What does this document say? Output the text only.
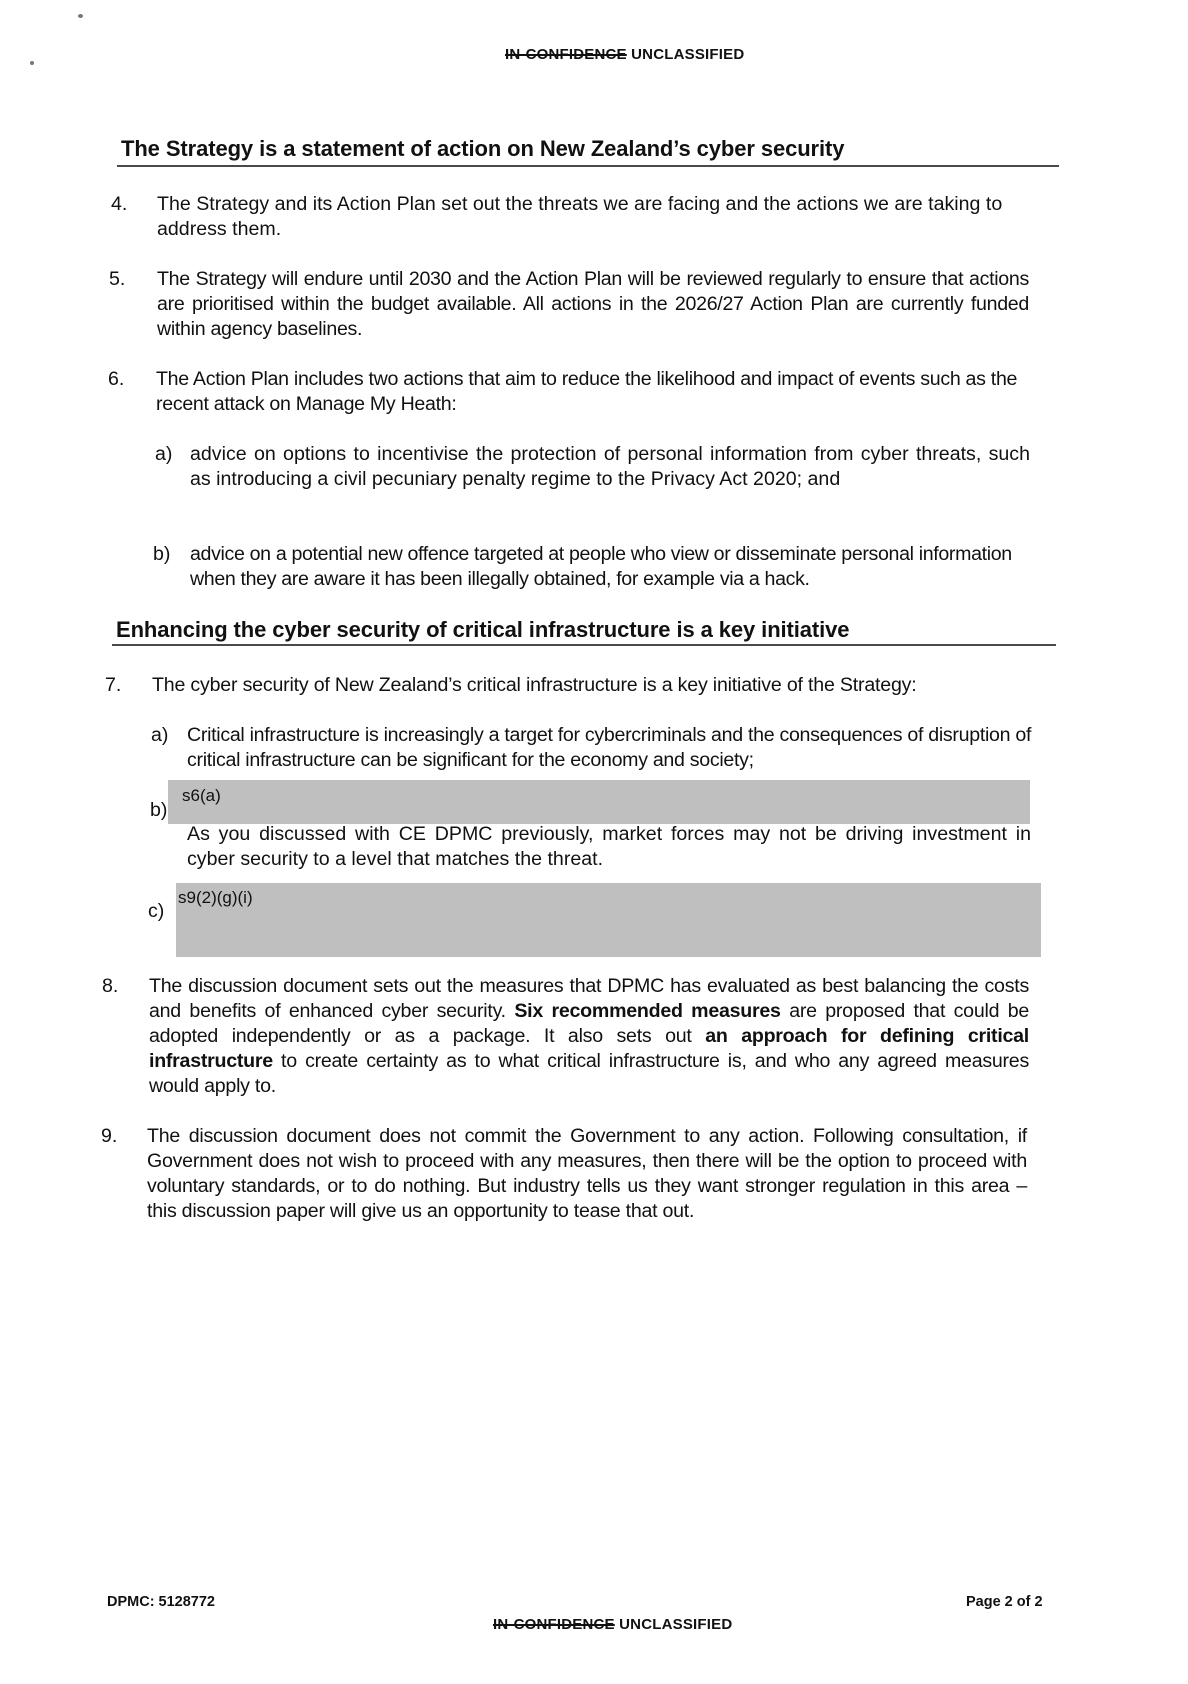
IN-CONFIDENCE UNCLASSIFIED
The Strategy is a statement of action on New Zealand’s cyber security
4. The Strategy and its Action Plan set out the threats we are facing and the actions we are taking to address them.
5. The Strategy will endure until 2030 and the Action Plan will be reviewed regularly to ensure that actions are prioritised within the budget available. All actions in the 2026/27 Action Plan are currently funded within agency baselines.
6. The Action Plan includes two actions that aim to reduce the likelihood and impact of events such as the recent attack on Manage My Heath:
a) advice on options to incentivise the protection of personal information from cyber threats, such as introducing a civil pecuniary penalty regime to the Privacy Act 2020; and
b) advice on a potential new offence targeted at people who view or disseminate personal information when they are aware it has been illegally obtained, for example via a hack.
Enhancing the cyber security of critical infrastructure is a key initiative
7. The cyber security of New Zealand’s critical infrastructure is a key initiative of the Strategy:
a) Critical infrastructure is increasingly a target for cybercriminals and the consequences of disruption of critical infrastructure can be significant for the economy and society;
b)
s6(a)
As you discussed with CE DPMC previously, market forces may not be driving investment in cyber security to a level that matches the threat.
c)
s9(2)(g)(i)
8. The discussion document sets out the measures that DPMC has evaluated as best balancing the costs and benefits of enhanced cyber security. Six recommended measures are proposed that could be adopted independently or as a package. It also sets out an approach for defining critical infrastructure to create certainty as to what critical infrastructure is, and who any agreed measures would apply to.
9. The discussion document does not commit the Government to any action. Following consultation, if Government does not wish to proceed with any measures, then there will be the option to proceed with voluntary standards, or to do nothing. But industry tells us they want stronger regulation in this area – this discussion paper will give us an opportunity to tease that out.
DPMC: 5128772	Page 2 of 2
IN-CONFIDENCE UNCLASSIFIED
